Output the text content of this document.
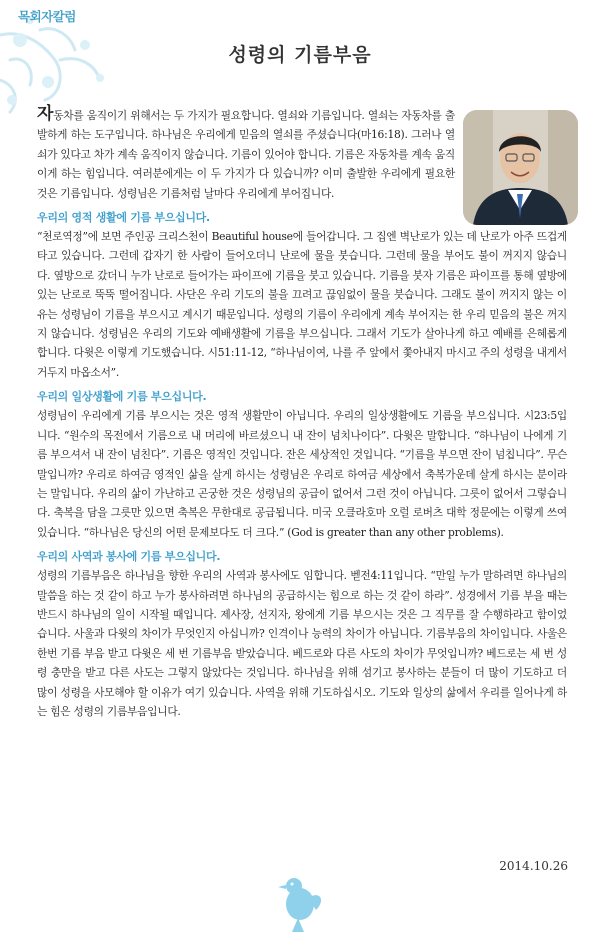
목회자칼럼
성령의 기름부음

자동차를 움직이기 위해서는 두 가지가 필요합니다. 열쇠와 기름입니다. 열쇠는 자동차를 출발하게 하는 도구입니다. 하나님은 우리에게 믿음의 열쇠를 주셨습니다(마16:18). 그러나 열쇠가 있다고 차가 계속 움직이지 않습니다. 기름이 있어야 합니다. 기름은 자동차를 계속 움직이게 하는 힘입니다. 여러분에게는 이 두 가지가 다 있습니까? 이미 출발한 우리에게 필요한 것은 기름입니다. 성령님은 기름처럼 날마다 우리에게 부어집니다.

우리의 영적 생활에 기름 부으십니다.

“천로역정”에 보면 주인공 크리스천이 Beautiful house에 들어갑니다. 그 집엔 벽난로가 있는 데 난로가 아주 뜨겁게 타고 있습니다. 그런데 갑자기 한 사람이 들어오더니 난로에 물을 붓습니다. 그런데 물을 부어도 불이 꺼지지 않습니다. 옆방으로 갔더니 누가 난로로 들어가는 파이프에 기름을 붓고 있습니다. 기름을 붓자 기름은 파이프를 통해 옆방에 있는 난로로 뚝뚝 떨어집니다. 사단은 우리 기도의 불을 끄려고 끊임없이 물을 붓습니다. 그래도 불이 꺼지지 않는 이유는 성령님이 기름을 부으시고 계시기 때문입니다. 성령의 기름이 우리에게 계속 부어지는 한 우리 믿음의 불은 꺼지지 않습니다. 성령님은 우리의 기도와 예배생활에 기름을 부으십니다. 그래서 기도가 살아나게 하고 예배를 은혜롭게 합니다. 다윗은 이렇게 기도했습니다. 시51:11-12, “하나님이여, 나를 주 앞에서 쫓아내지 마시고 주의 성령을 내게서 거두지 마옵소서”.

우리의 일상생활에 기름 부으십니다.

성령님이 우리에게 기름 부으시는 것은 영적 생활만이 아닙니다. 우리의 일상생활에도 기름을 부으십니다. 시23:5입니다. “원수의 목전에서 기름으로 내 머리에 바르셨으니 내 잔이 넘치나이다”. 다윗은 말합니다. “하나님이 나에게 기름 부으셔서 내 잔이 넘친다”. 기름은 영적인 것입니다. 잔은 세상적인 것입니다. “기름을 부으면 잔이 넘칩니다”. 무슨 말입니까? 우리로 하여금 영적인 삶을 살게 하시는 성령님은 우리로 하여금 세상에서 축복가운데 살게 하시는 분이라는 말입니다. 우리의 삶이 가난하고 곤궁한 것은 성령님의 공급이 없어서 그런 것이 아닙니다. 그릇이 없어서 그렇습니다. 축복을 담을 그릇만 있으면 축복은 무한대로 공급됩니다. 미국 오클라호마 오럴 로버츠 대학 정문에는 이렇게 쓰여 있습니다. “하나님은 당신의 어떤 문제보다도 더 크다.” (God is greater than any other problems).

우리의 사역과 봉사에 기름 부으십니다.

성령의 기름부음은 하나님을 향한 우리의 사역과 봉사에도 임합니다. 벧전4:11입니다. “만일 누가 말하려면 하나님의 말씀을 하는 것 같이 하고 누가 봉사하려면 하나님의 공급하시는 힘으로 하는 것 같이 하라”. 성경에서 기름 부을 때는 반드시 하나님의 일이 시작될 때입니다. 제사장, 선지자, 왕에게 기름 부으시는 것은 그 직무를 잘 수행하라고 함이었습니다. 사울과 다윗의 차이가 무엇인지 아십니까? 인격이나 능력의 차이가 아닙니다. 기름부음의 차이입니다. 사울은 한번 기름 부음 받고 다윗은 세 번 기름부음 받았습니다. 베드로와 다른 사도의 차이가 무엇입니까? 베드로는 세 번 성령 충만을 받고 다른 사도는 그렇지 않았다는 것입니다. 하나님을 위해 섬기고 봉사하는 분들이 더 많이 기도하고 더 많이 성령을 사모해야 할 이유가 여기 있습니다. 사역을 위해 기도하십시오. 기도와 일상의 삶에서 우리를 일어나게 하는 힘은 성령의 기름부음입니다.

2014.10.26
